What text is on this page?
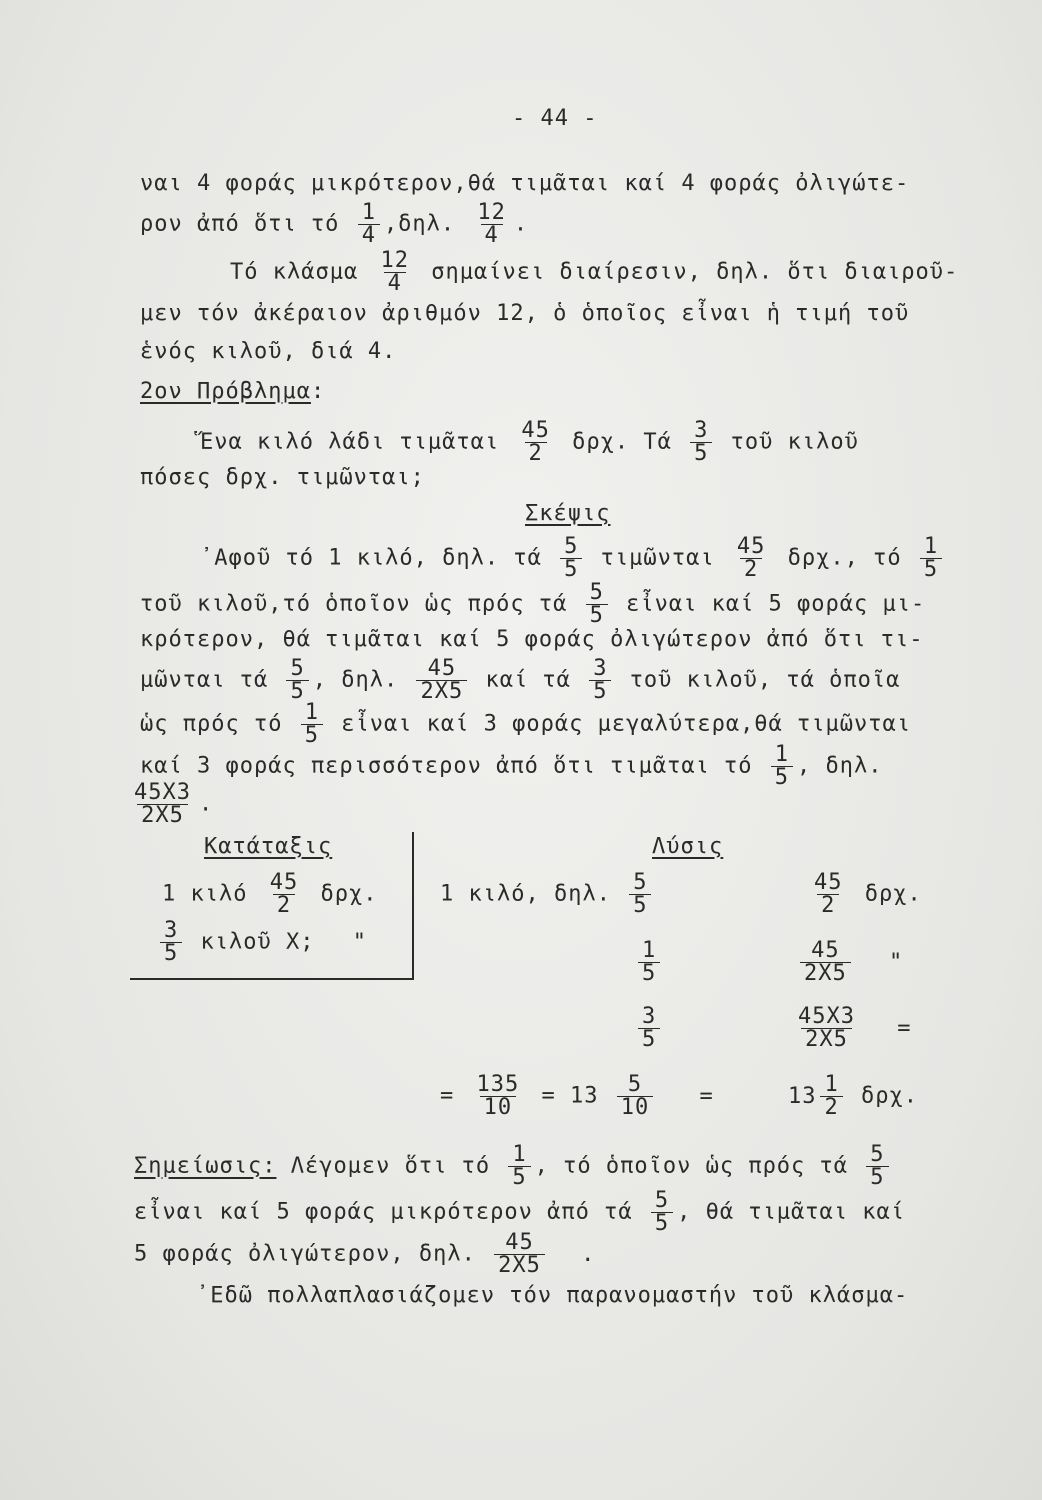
- 44 -
ναι 4 φοράς μικρότερον,θά τιμᾶται καί 4 φοράς ὀλιγώτε-
ρον ἀπό ὅτι τό $\frac{1}{4} ,\delta\eta\lambda$. $\frac{12}{4}$ .
Τό κλάσμα $\frac{12}{4}$ σημαίνει διαίρεσιν, δηλ. ὅτι διαιροῦ-
μεν τόν ἀκέραιον ἀριθμόν 12, ὁ ὁποῖος εἶναι ἡ τιμή τοῦ
ἑνός κιλοῦ, διά 4.
2ον Πρόβλημα:
Ἕνα κιλό λάδι τιμᾶται $\frac{45}{2} \delta\rho\chi$. Τά $\frac{3}{5}$ τοῦ κιλοῦ
πόσες δρχ. τιμῶνται;
Σκέψις
᾿Αφοῦ τό 1 κιλό, δηλ. τά $\frac{5}{5}$ τιμῶνται $\frac{45}{2} \delta\rho\chi$., τό $\frac{1}{5}$
τοῦ κιλοῦ,τό ὁποῖον ὡς πρός τά $\frac{5}{5}$ εἶναι καί 5 φοράς μι-
κρότερον, θά τιμᾶται καί 5 φοράς ὀλιγώτερον ἀπό ὅτι τι-
μῶνται τά $\frac{5}{5}$ , δηλ. $\frac{45}{2X5}$ καί τά $\frac{3}{5}$ τοῦ κιλοῦ, τά ὁποῖα
ὡς πρός τό $\frac{1}{5}$ εἶναι καί 3 φοράς μεγαλύτερα,θά τιμῶνται
καί 3 φοράς περισσότερον ἀπό ὅτι τιμᾶται τό $\frac{1}{5}$ , δηλ.
$\frac{45X3}{2X5}$ .
Κατάταξις
1 κιλό $\frac{45}{2} \delta\rho\chi$.
$\frac{3}{5}$ κιλοῦ Χ; "
Λύσις
1 κιλό, δηλ. $\frac{5}{5}$	$\frac{45}{2} \delta\rho\chi$.
$\frac{1}{5}$	$\frac{45}{2X5}$ "
$\frac{3}{5}$	$\frac{45X3}{2X5}$ =
= $\frac{135}{10} = 13 \frac{5}{10}$ =	$13 \frac{1}{2} \delta\rho\chi$.
Σημείωσις: Λέγομεν ὅτι τό $\frac{1}{5}$ , τό ὁποῖον ὡς πρός τά $\frac{5}{5}$
εἶναι καί 5 φοράς μικρότερον ἀπό τά $\frac{5}{5}$ , θά τιμᾶται καί
5 φοράς ὀλιγώτερον, δηλ. $\frac{45}{2X5}$ .
᾿Εδῶ πολλαπλασιάζομεν τόν παρανομαστήν τοῦ κλάσμα-
